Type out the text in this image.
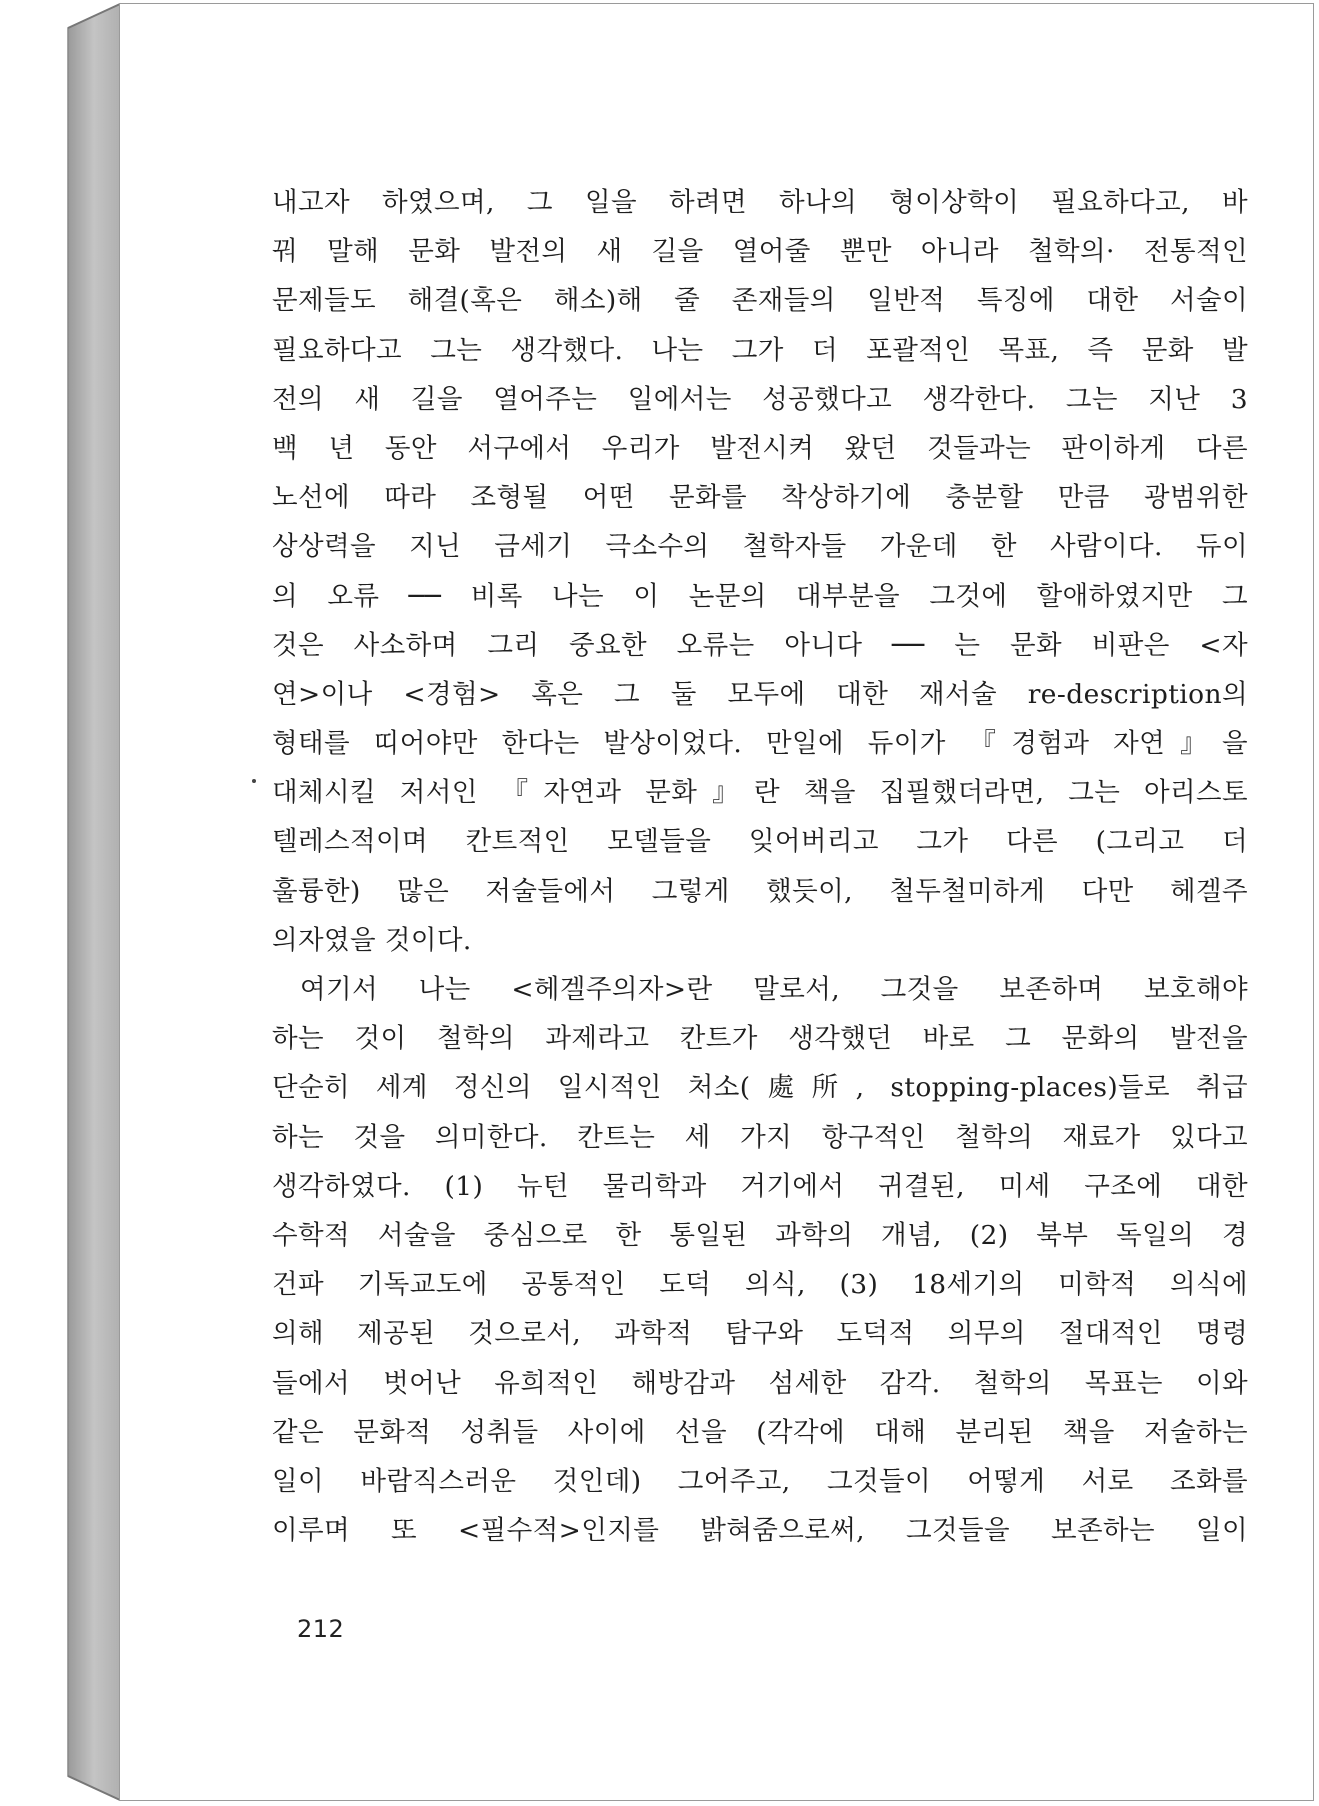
내고자 하였으며, 그 일을 하려면 하나의 형이상학이 필요하다고, 바
꿔 말해 문화 발전의 새 길을 열어줄 뿐만 아니라 철학의· 전통적인
문제들도 해결(혹은 해소)해 줄 존재들의 일반적 특징에 대한 서술이
필요하다고 그는 생각했다. 나는 그가 더 포괄적인 목표, 즉 문화 발
전의 새 길을 열어주는 일에서는 성공했다고 생각한다. 그는 지난 3
백 년 동안 서구에서 우리가 발전시켜 왔던 것들과는 판이하게 다른
노선에 따라 조형될 어떤 문화를 착상하기에 충분할 만큼 광범위한
상상력을 지닌 금세기 극소수의 철학자들 가운데 한 사람이다. 듀이
의 오류 ── 비록 나는 이 논문의 대부분을 그것에 할애하였지만 그
것은 사소하며 그리 중요한 오류는 아니다 ── 는 문화 비판은 <자
연>이나 <경험> 혹은 그 둘 모두에 대한 재서술 re-description의
형태를 띠어야만 한다는 발상이었다. 만일에 듀이가 『경험과 자연』을
대체시킬 저서인 『자연과 문화』란 책을 집필했더라면, 그는 아리스토
텔레스적이며 칸트적인 모델들을 잊어버리고 그가 다른 (그리고 더
훌륭한) 많은 저술들에서 그렇게 했듯이, 철두철미하게 다만 헤겔주
의자였을 것이다.
여기서 나는 <헤겔주의자>란 말로서, 그것을 보존하며 보호해야
하는 것이 철학의 과제라고 칸트가 생각했던 바로 그 문화의 발전을
단순히 세계 정신의 일시적인 처소(處所, stopping-places)들로 취급
하는 것을 의미한다. 칸트는 세 가지 항구적인 철학의 재료가 있다고
생각하였다. (1) 뉴턴 물리학과 거기에서 귀결된, 미세 구조에 대한
수학적 서술을 중심으로 한 통일된 과학의 개념, (2) 북부 독일의 경
건파 기독교도에 공통적인 도덕 의식, (3) 18세기의 미학적 의식에
의해 제공된 것으로서, 과학적 탐구와 도덕적 의무의 절대적인 명령
들에서 벗어난 유희적인 해방감과 섬세한 감각. 철학의 목표는 이와
같은 문화적 성취들 사이에 선을 (각각에 대해 분리된 책을 저술하는
일이 바람직스러운 것인데) 그어주고, 그것들이 어떻게 서로 조화를
이루며 또 <필수적>인지를 밝혀줌으로써, 그것들을 보존하는 일이
212
